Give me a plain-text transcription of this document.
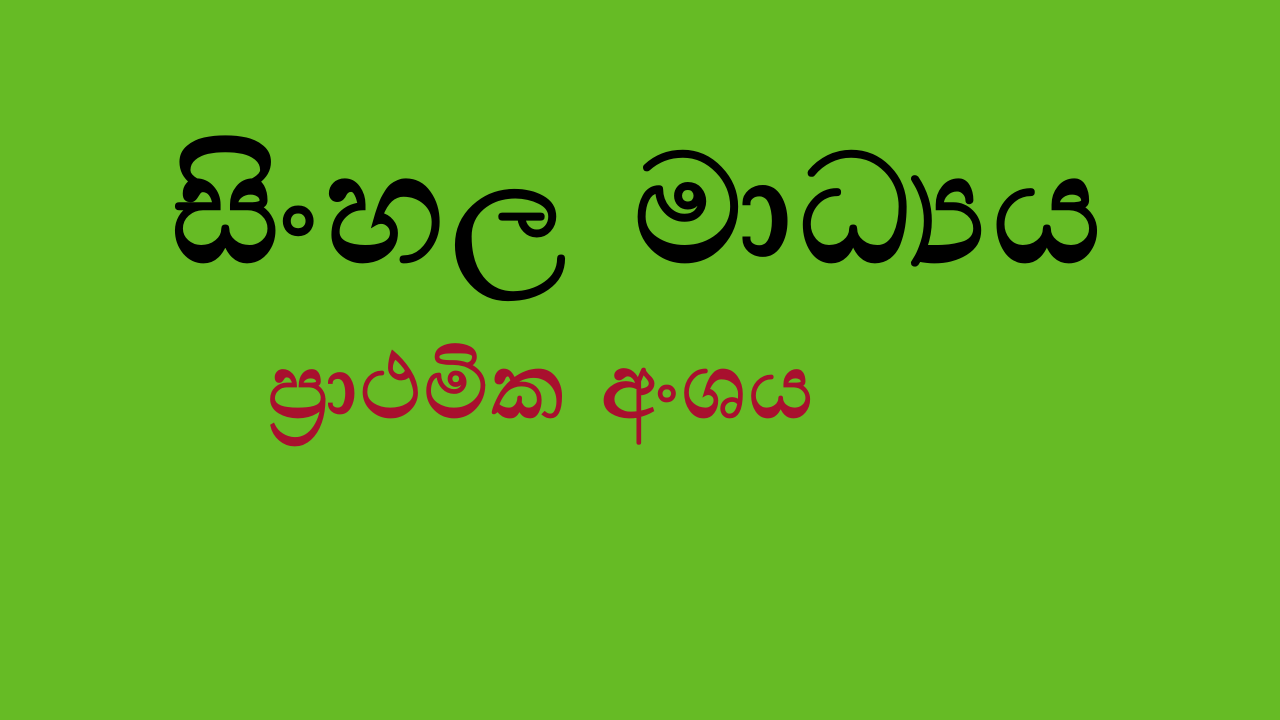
සිංහල මාධ්‍යය
ප්‍රාථමික අංශය
